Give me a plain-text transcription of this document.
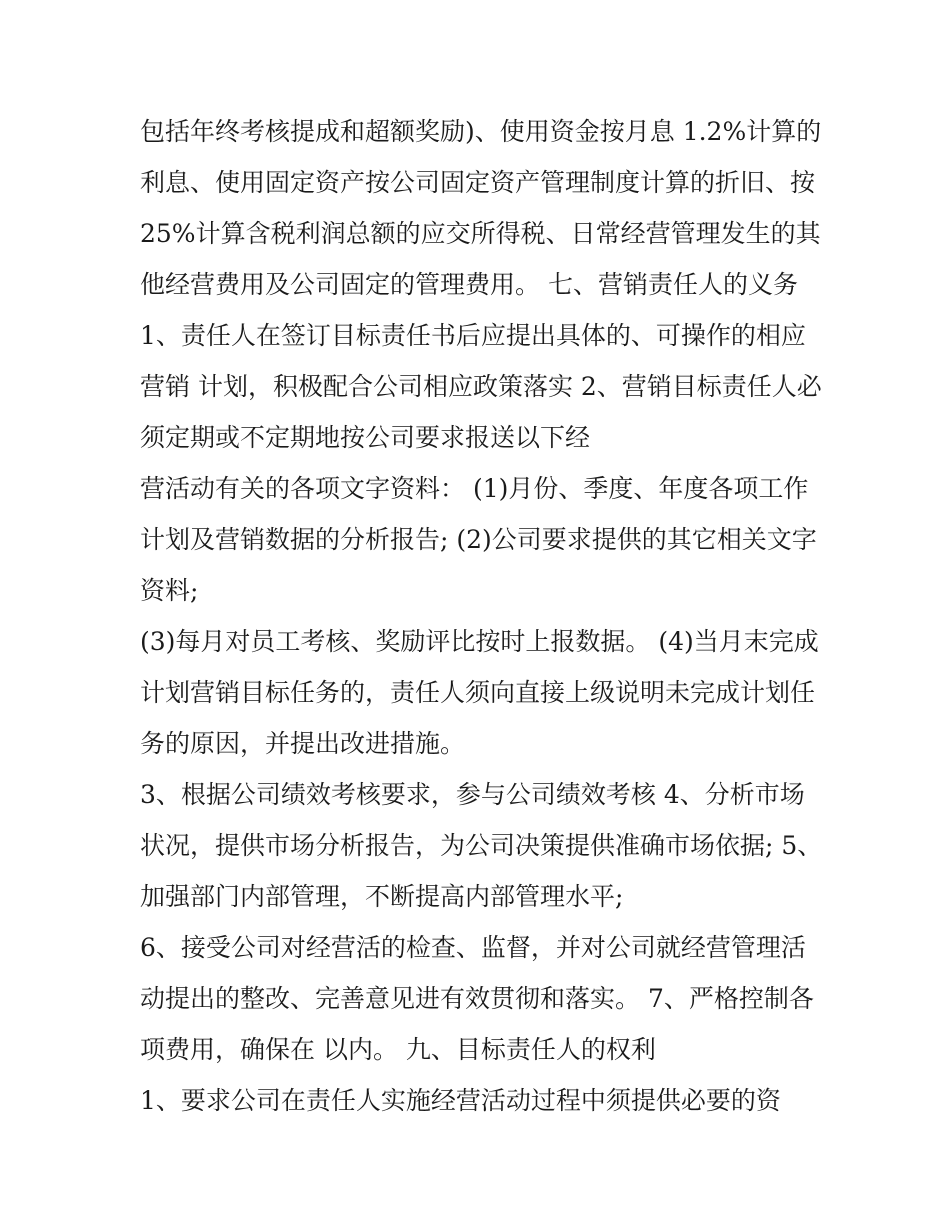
包括年终考核提成和超额奖励)、使用资金按月息 1.2%计算的
利息、使用固定资产按公司固定资产管理制度计算的折旧、按
25%计算含税利润总额的应交所得税、日常经营管理发生的其
他经营费用及公司固定的管理费用。 七、营销责任人的义务
1、责任人在签订目标责任书后应提出具体的、可操作的相应
营销 计划，积极配合公司相应政策落实 2、营销目标责任人必
须定期或不定期地按公司要求报送以下经
营活动有关的各项文字资料： (1)月份、季度、年度各项工作
计划及营销数据的分析报告; (2)公司要求提供的其它相关文字
资料;
(3)每月对员工考核、奖励评比按时上报数据。 (4)当月末完成
计划营销目标任务的，责任人须向直接上级说明未完成计划任
务的原因，并提出改进措施。
3、根据公司绩效考核要求，参与公司绩效考核 4、分析市场
状况，提供市场分析报告，为公司决策提供准确市场依据; 5、
加强部门内部管理，不断提高内部管理水平;
6、接受公司对经营活的检查、监督，并对公司就经营管理活
动提出的整改、完善意见进有效贯彻和落实。 7、严格控制各
项费用，确保在 以内。 九、目标责任人的权利
1、要求公司在责任人实施经营活动过程中须提供必要的资
